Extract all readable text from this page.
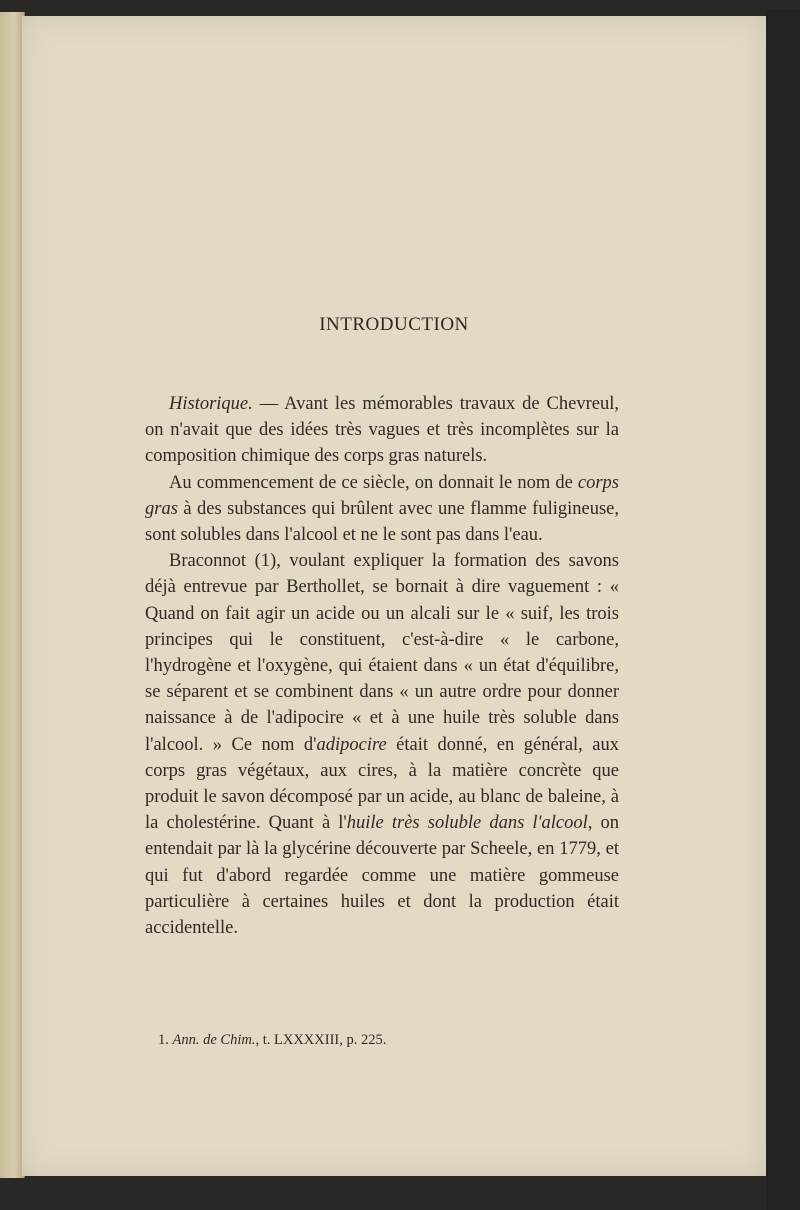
INTRODUCTION

Historique. — Avant les mémorables travaux de Chevreul, on n'avait que des idées très vagues et très incomplètes sur la composition chimique des corps gras naturels.

Au commencement de ce siècle, on donnait le nom de corps gras à des substances qui brûlent avec une flamme fuligineuse, sont solubles dans l'alcool et ne le sont pas dans l'eau.

Braconnot (1), voulant expliquer la formation des savons déjà entrevue par Berthollet, se bornait à dire vaguement : « Quand on fait agir un acide ou un alcali sur le « suif, les trois principes qui le constituent, c'est-à-dire « le carbone, l'hydrogène et l'oxygène, qui étaient dans « un état d'équilibre, se séparent et se combinent dans « un autre ordre pour donner naissance à de l'adipocire « et à une huile très soluble dans l'alcool. » Ce nom d'adipocire était donné, en général, aux corps gras végétaux, aux cires, à la matière concrète que produit le savon décomposé par un acide, au blanc de baleine, à la cholestérine. Quant à l'huile très soluble dans l'alcool, on entendait par là la glycérine découverte par Scheele, en 1779, et qui fut d'abord regardée comme une matière gommeuse particulière à certaines huiles et dont la production était accidentelle.

1. Ann. de Chim., t. LXXXXIII, p. 225.
